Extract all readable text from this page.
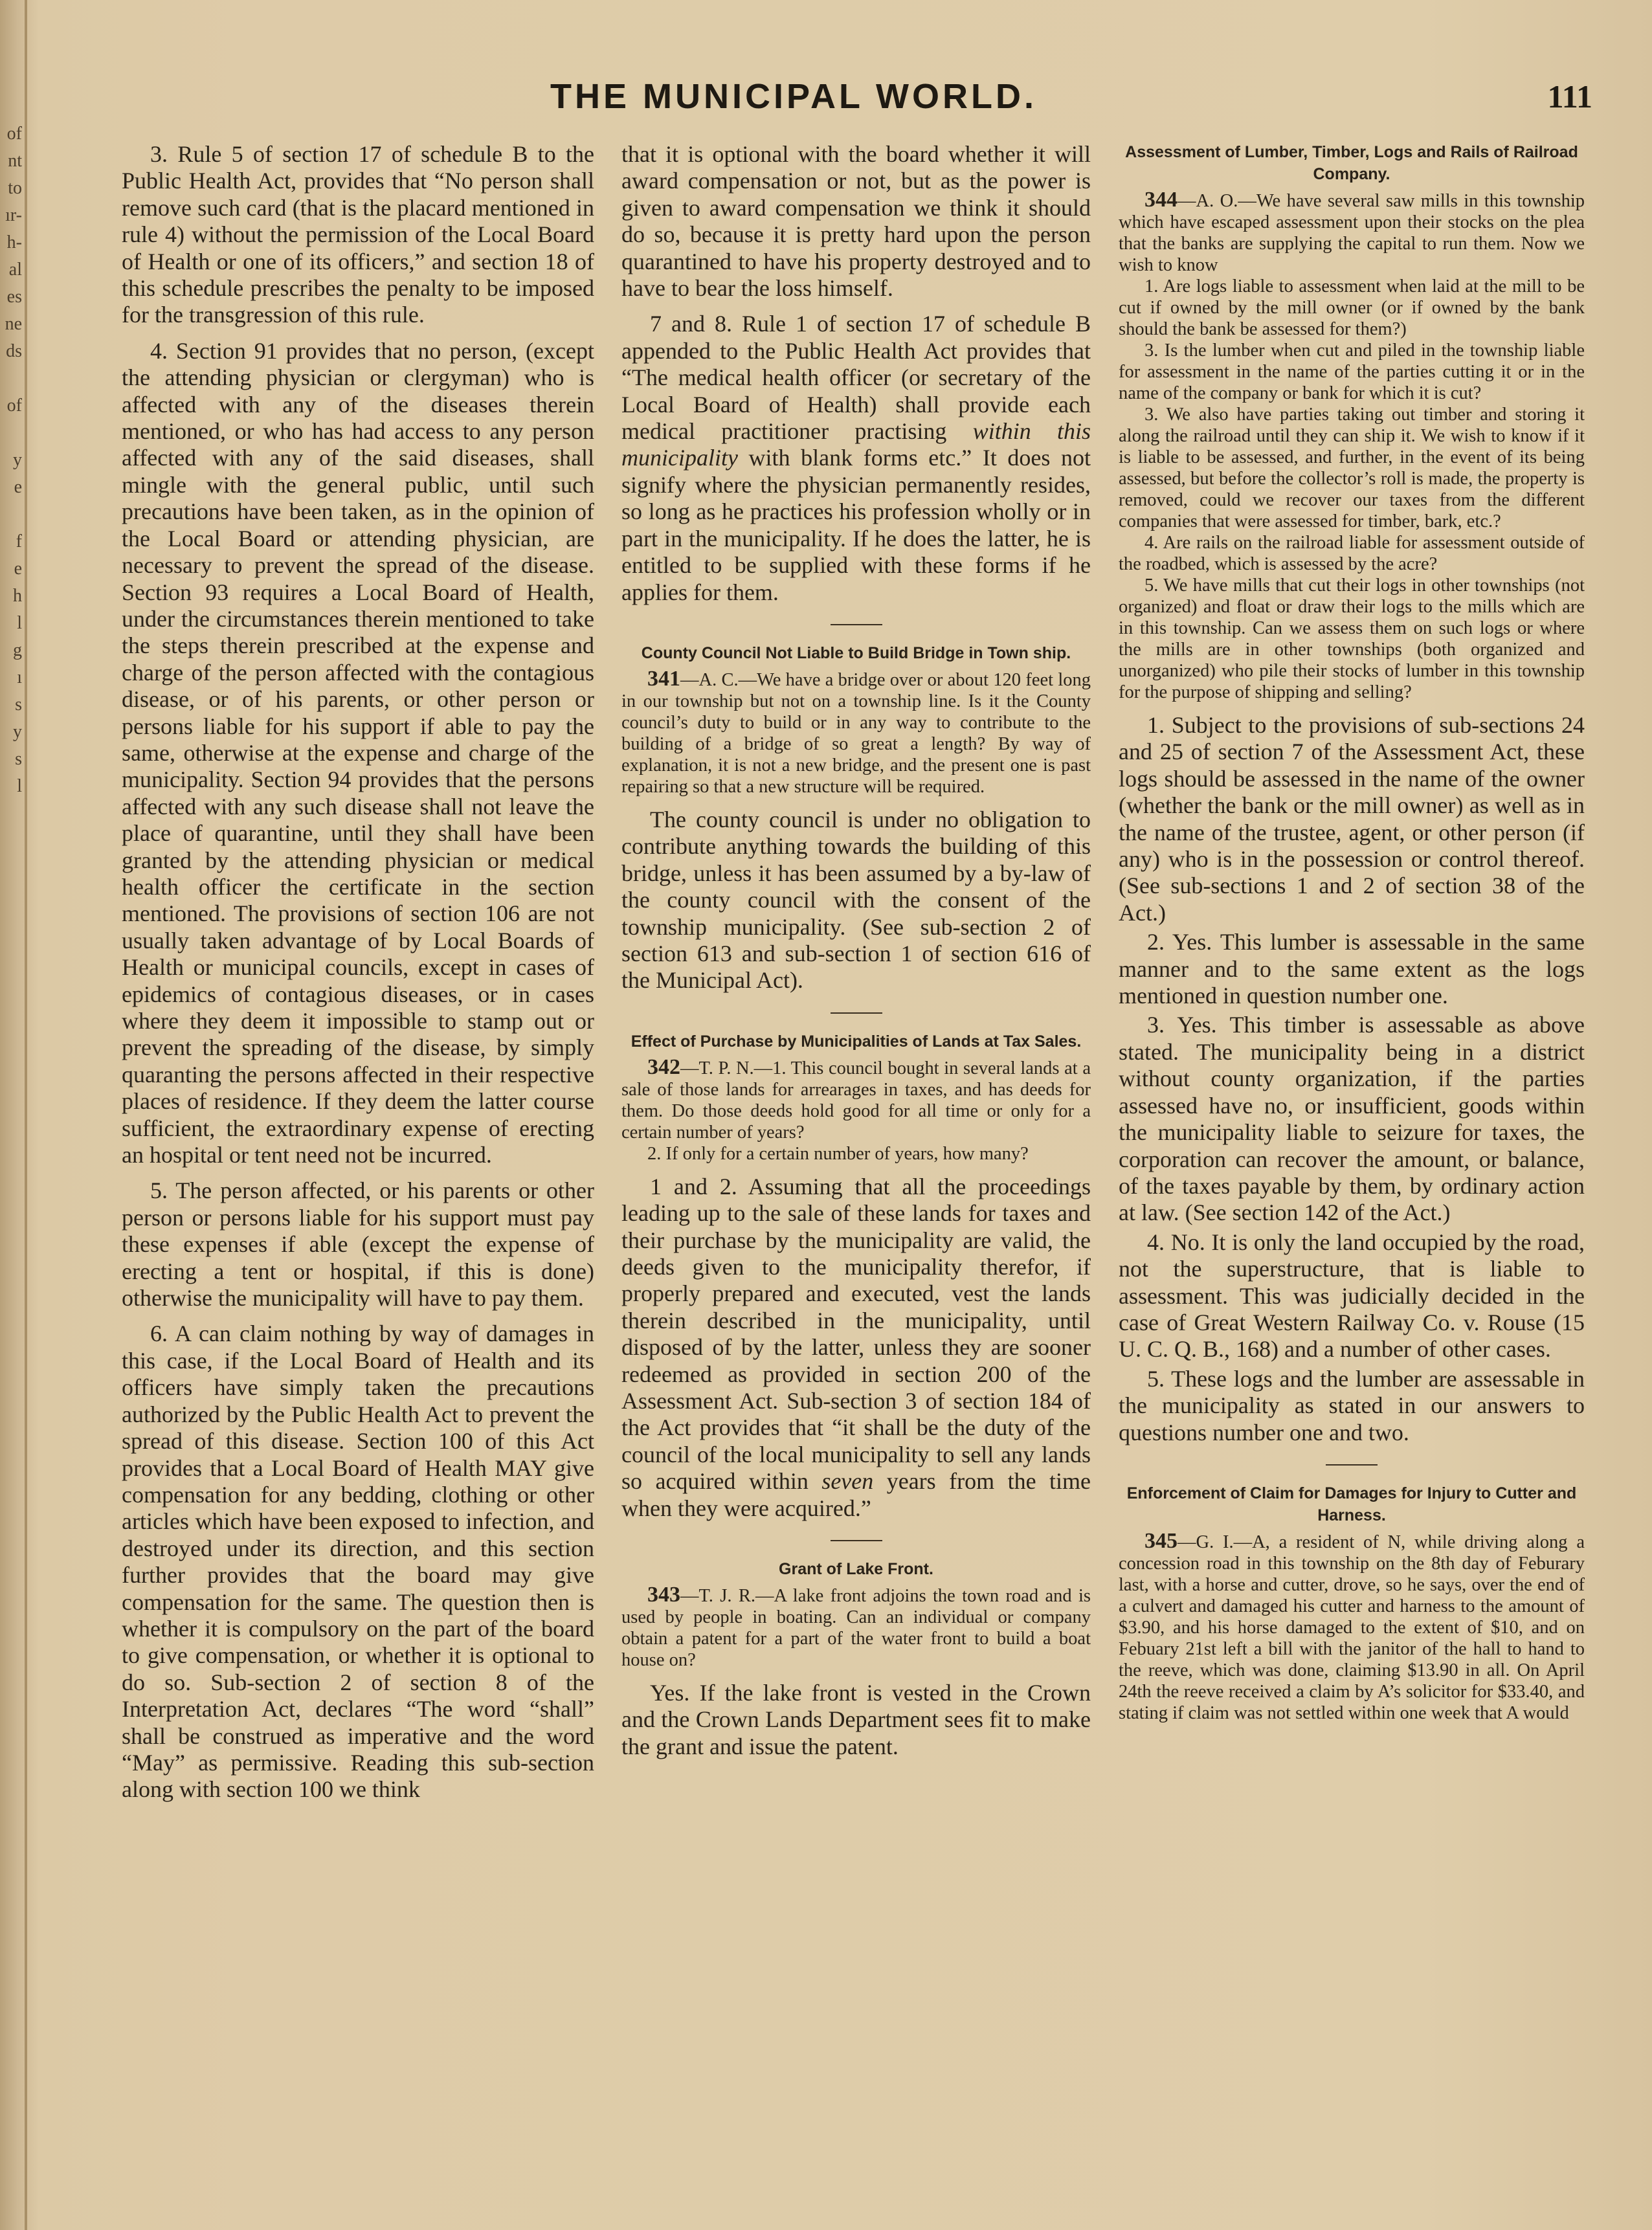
of
nt
to
ır-
h-
al
es
ne
ds
of
y
e
f
e
h
l
g
ı
s
y
s
l
THE MUNICIPAL WORLD.	111

3. Rule 5 of section 17 of schedule B to the Public Health Act, provides that “No person shall remove such card (that is the placard mentioned in rule 4) without the permission of the Local Board of Health or one of its officers,” and section 18 of this schedule prescribes the penalty to be imposed for the transgression of this rule.

4. Section 91 provides that no person, (except the attending physician or clergyman) who is affected with any of the diseases therein mentioned, or who has had access to any person affected with any of the said diseases, shall mingle with the general public, until such precautions have been taken, as in the opinion of the Local Board or attending physician, are necessary to prevent the spread of the disease. Section 93 requires a Local Board of Health, under the circumstances therein mentioned to take the steps therein prescribed at the expense and charge of the person affected with the contagious disease, or of his parents, or other person or persons liable for his support if able to pay the same, otherwise at the expense and charge of the municipality. Section 94 provides that the persons affected with any such disease shall not leave the place of quarantine, until they shall have been granted by the attending physician or medical health officer the certificate in the section mentioned. The provisions of section 106 are not usually taken advantage of by Local Boards of Health or municipal councils, except in cases of epidemics of contagious diseases, or in cases where they deem it impossible to stamp out or prevent the spreading of the disease, by simply quaranting the persons affected in their respective places of residence. If they deem the latter course sufficient, the extraordinary expense of erecting an hospital or tent need not be incurred.

5. The person affected, or his parents or other person or persons liable for his support must pay these expenses if able (except the expense of erecting a tent or hospital, if this is done) otherwise the municipality will have to pay them.

6. A can claim nothing by way of damages in this case, if the Local Board of Health and its officers have simply taken the precautions authorized by the Public Health Act to prevent the spread of this disease. Section 100 of this Act provides that a Local Board of Health MAY give compensation for any bedding, clothing or other articles which have been exposed to infection, and destroyed under its direction, and this section further provides that the board may give compensation for the same. The question then is whether it is compulsory on the part of the board to give compensation, or whether it is optional to do so. Sub-section 2 of section 8 of the Interpretation Act, declares “The word “shall” shall be construed as imperative and the word “May” as permissive. Reading this sub-section along with section 100 we think

that it is optional with the board whether it will award compensation or not, but as the power is given to award compensation we think it should do so, because it is pretty hard upon the person quarantined to have his property destroyed and to have to bear the loss himself.

7 and 8. Rule 1 of section 17 of schedule B appended to the Public Health Act provides that “The medical health officer (or secretary of the Local Board of Health) shall provide each medical practitioner practising within this municipality with blank forms etc.” It does not signify where the physician permanently resides, so long as he practices his profession wholly or in part in the municipality. If he does the latter, he is entitled to be supplied with these forms if he applies for them.

County Council Not Liable to Build Bridge in Town ship.

341—A. C.—We have a bridge over or about 120 feet long in our township but not on a township line. Is it the County council’s duty to build or in any way to contribute to the building of a bridge of so great a length? By way of explanation, it is not a new bridge, and the present one is past repairing so that a new structure will be required.

The county council is under no obligation to contribute anything towards the building of this bridge, unless it has been assumed by a by-law of the county council with the consent of the township municipality. (See sub-section 2 of section 613 and sub-section 1 of section 616 of the Municipal Act).

Effect of Purchase by Municipalities of Lands at Tax Sales.

342—T. P. N.—1. This council bought in several lands at a sale of those lands for arrearages in taxes, and has deeds for them. Do those deeds hold good for all time or only for a certain number of years?

2. If only for a certain number of years, how many?

1 and 2. Assuming that all the proceedings leading up to the sale of these lands for taxes and their purchase by the municipality are valid, the deeds given to the municipality therefor, if properly prepared and executed, vest the lands therein described in the municipality, until disposed of by the latter, unless they are sooner redeemed as provided in section 200 of the Assessment Act. Sub-section 3 of section 184 of the Act provides that “it shall be the duty of the council of the local municipality to sell any lands so acquired within seven years from the time when they were acquired.”

Grant of Lake Front.

343—T. J. R.—A lake front adjoins the town road and is used by people in boating. Can an individual or company obtain a patent for a part of the water front to build a boat house on?

Yes. If the lake front is vested in the Crown and the Crown Lands Department sees fit to make the grant and issue the patent.

Assessment of Lumber, Timber, Logs and Rails of Railroad Company.

344—A. O.—We have several saw mills in this township which have escaped assessment upon their stocks on the plea that the banks are supplying the capital to run them. Now we wish to know

1. Are logs liable to assessment when laid at the mill to be cut if owned by the mill owner (or if owned by the bank should the bank be assessed for them?)

3. Is the lumber when cut and piled in the township liable for assessment in the name of the parties cutting it or in the name of the company or bank for which it is cut?

3. We also have parties taking out timber and storing it along the railroad until they can ship it. We wish to know if it is liable to be assessed, and further, in the event of its being assessed, but before the collector’s roll is made, the property is removed, could we recover our taxes from the different companies that were assessed for timber, bark, etc.?

4. Are rails on the railroad liable for assessment outside of the roadbed, which is assessed by the acre?

5. We have mills that cut their logs in other townships (not organized) and float or draw their logs to the mills which are in this township. Can we assess them on such logs or where the mills are in other townships (both organized and unorganized) who pile their stocks of lumber in this township for the purpose of shipping and selling?

1. Subject to the provisions of sub-sections 24 and 25 of section 7 of the Assessment Act, these logs should be assessed in the name of the owner (whether the bank or the mill owner) as well as in the name of the trustee, agent, or other person (if any) who is in the possession or control thereof. (See sub-sections 1 and 2 of section 38 of the Act.)

2. Yes. This lumber is assessable in the same manner and to the same extent as the logs mentioned in question number one.

3. Yes. This timber is assessable as above stated. The municipality being in a district without county organization, if the parties assessed have no, or insufficient, goods within the municipality liable to seizure for taxes, the corporation can recover the amount, or balance, of the taxes payable by them, by ordinary action at law. (See section 142 of the Act.)

4. No. It is only the land occupied by the road, not the superstructure, that is liable to assessment. This was judicially decided in the case of Great Western Railway Co. v. Rouse (15 U. C. Q. B., 168) and a number of other cases.

5. These logs and the lumber are assessable in the municipality as stated in our answers to questions number one and two.

Enforcement of Claim for Damages for Injury to Cutter and Harness.

345—G. I.—A, a resident of N, while driving along a concession road in this township on the 8th day of Feburary last, with a horse and cutter, drove, so he says, over the end of a culvert and damaged his cutter and harness to the amount of $3.90, and his horse damaged to the extent of $10, and on Febuary 21st left a bill with the janitor of the hall to hand to the reeve, which was done, claiming $13.90 in all. On April 24th the reeve received a claim by A’s solicitor for $33.40, and stating if claim was not settled within one week that A would
